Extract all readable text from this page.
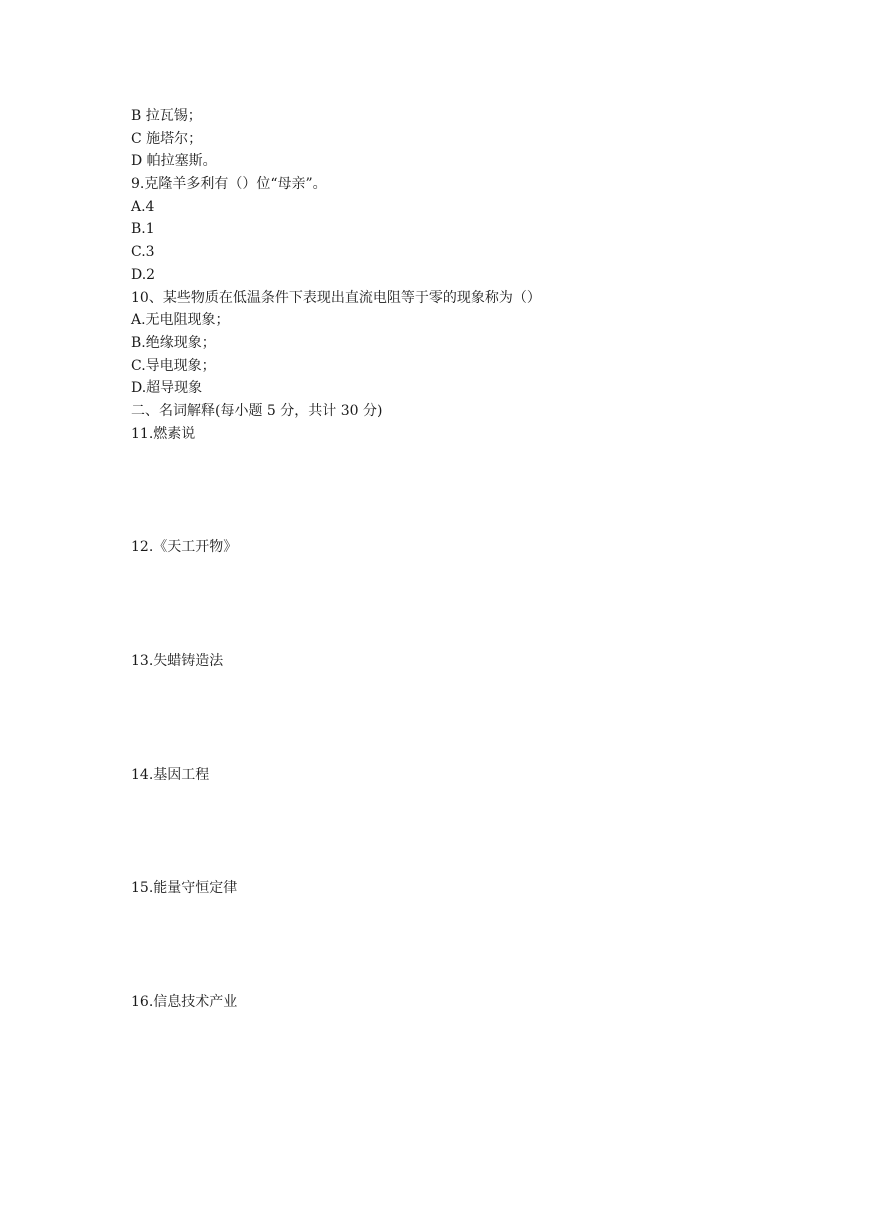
B 拉瓦锡；
C 施塔尔；
D 帕拉塞斯。
9.克隆羊多利有（）位“母亲”。
A.4
B.1
C.3
D.2
10、某些物质在低温条件下表现出直流电阻等于零的现象称为（）
A.无电阻现象；
B.绝缘现象；
C.导电现象；
D.超导现象
二、名词解释(每小题 5 分，共计 30 分)
11.燃素说
12.《天工开物》
13.失蜡铸造法
14.基因工程
15.能量守恒定律
16.信息技术产业
